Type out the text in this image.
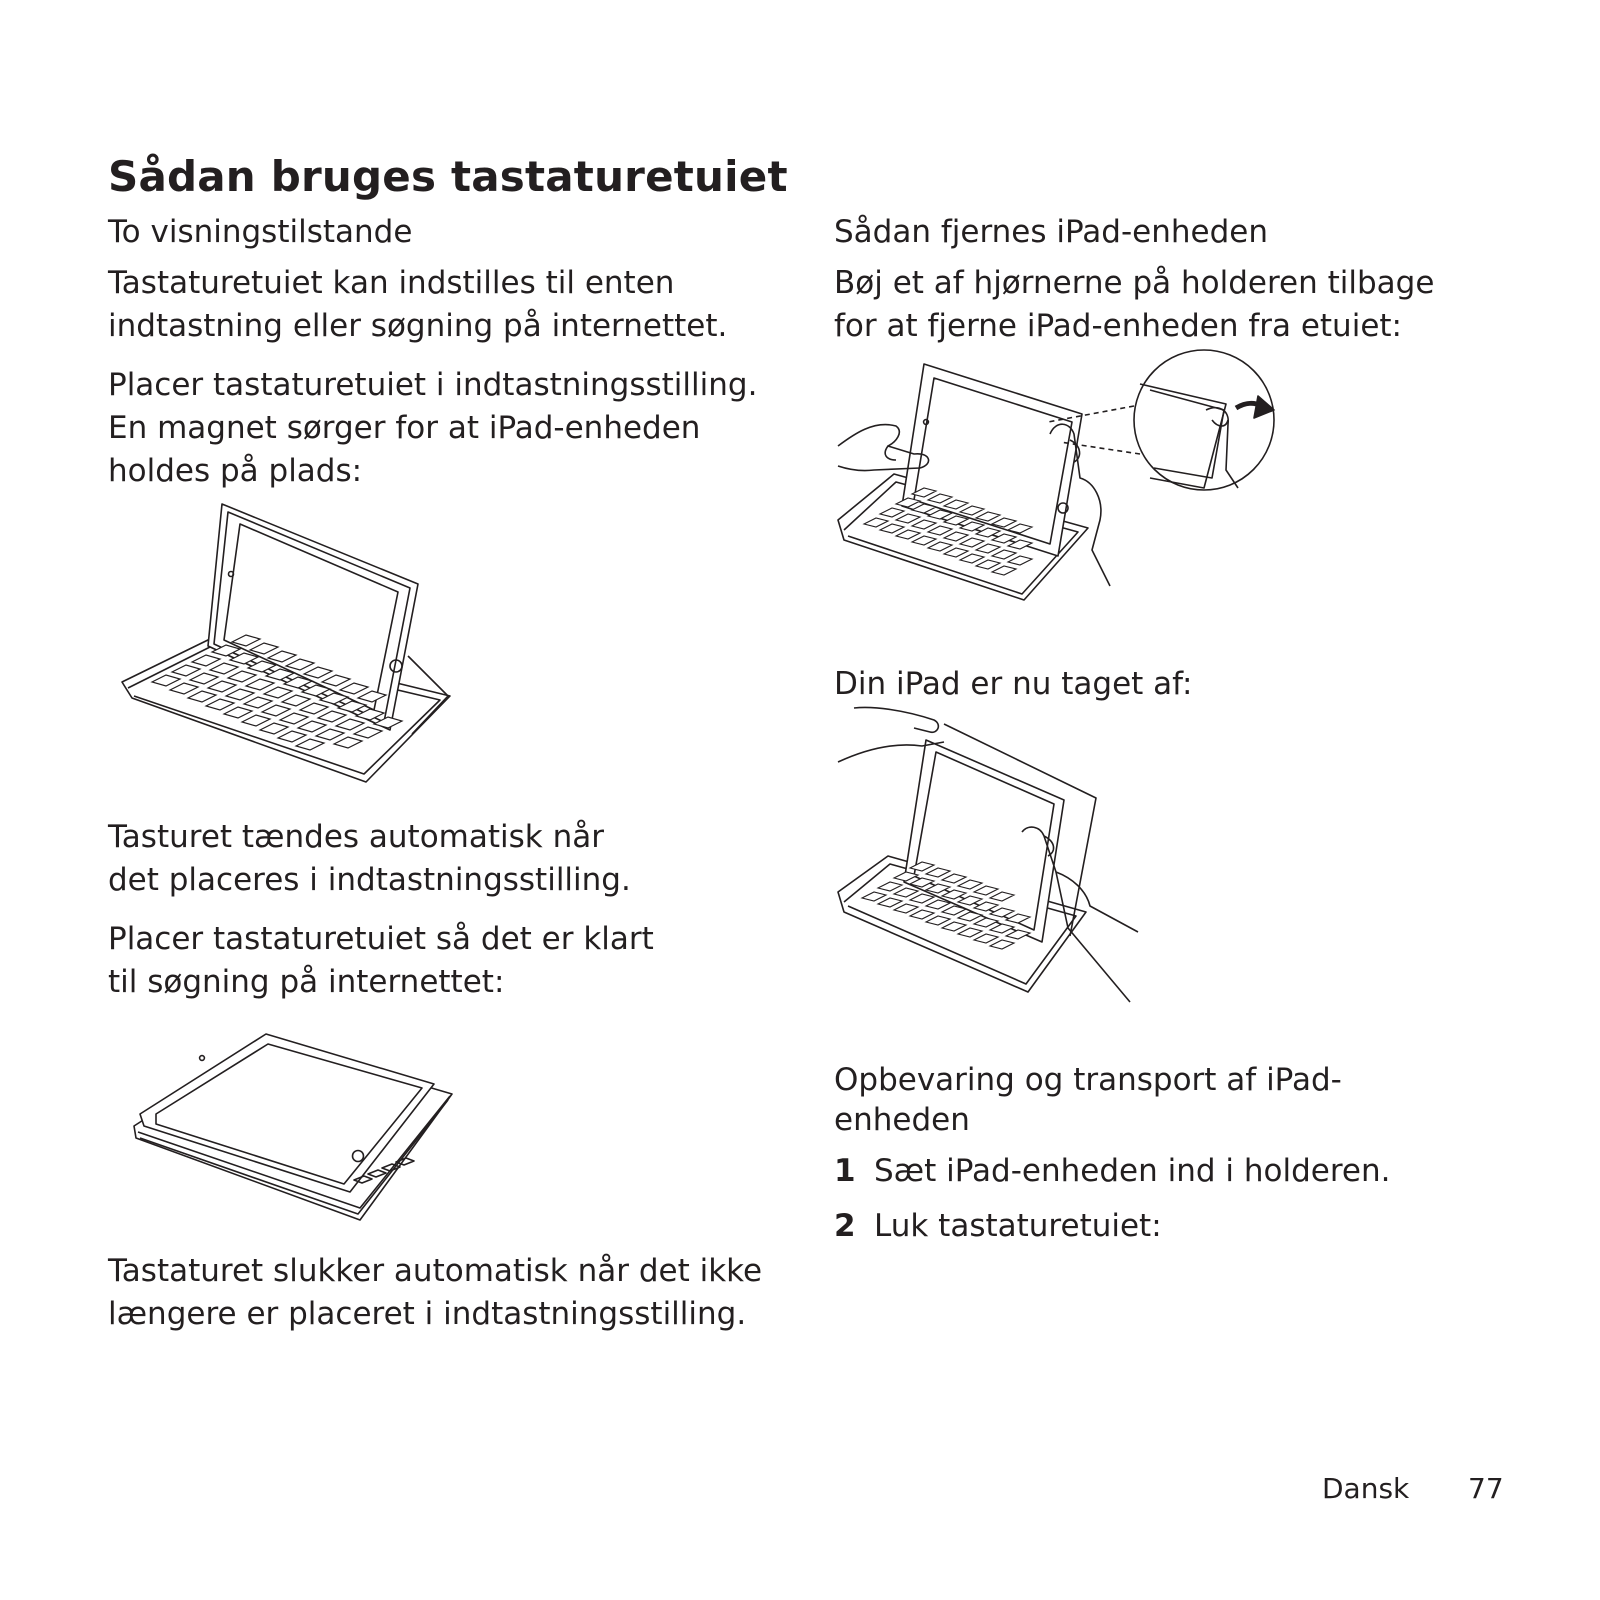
Sådan bruges tastaturetuiet
To visningstilstande
Tastaturetuiet kan indstilles til enten
indtastning eller søgning på internettet.
Placer tastaturetuiet i indtastningsstilling.
En magnet sørger for at iPad-enheden
holdes på plads:
Tasturet tændes automatisk når
det placeres i indtastningsstilling.
Placer tastaturetuiet så det er klart
til søgning på internettet:
Tastaturet slukker automatisk når det ikke
længere er placeret i indtastningsstilling.
Sådan fjernes iPad-enheden
Bøj et af hjørnerne på holderen tilbage
for at fjerne iPad-enheden fra etuiet:
Din iPad er nu taget af:
Opbevaring og transport af iPad-
enheden
1 Sæt iPad-enheden ind i holderen.
2 Luk tastaturetuiet:
Dansk 77
